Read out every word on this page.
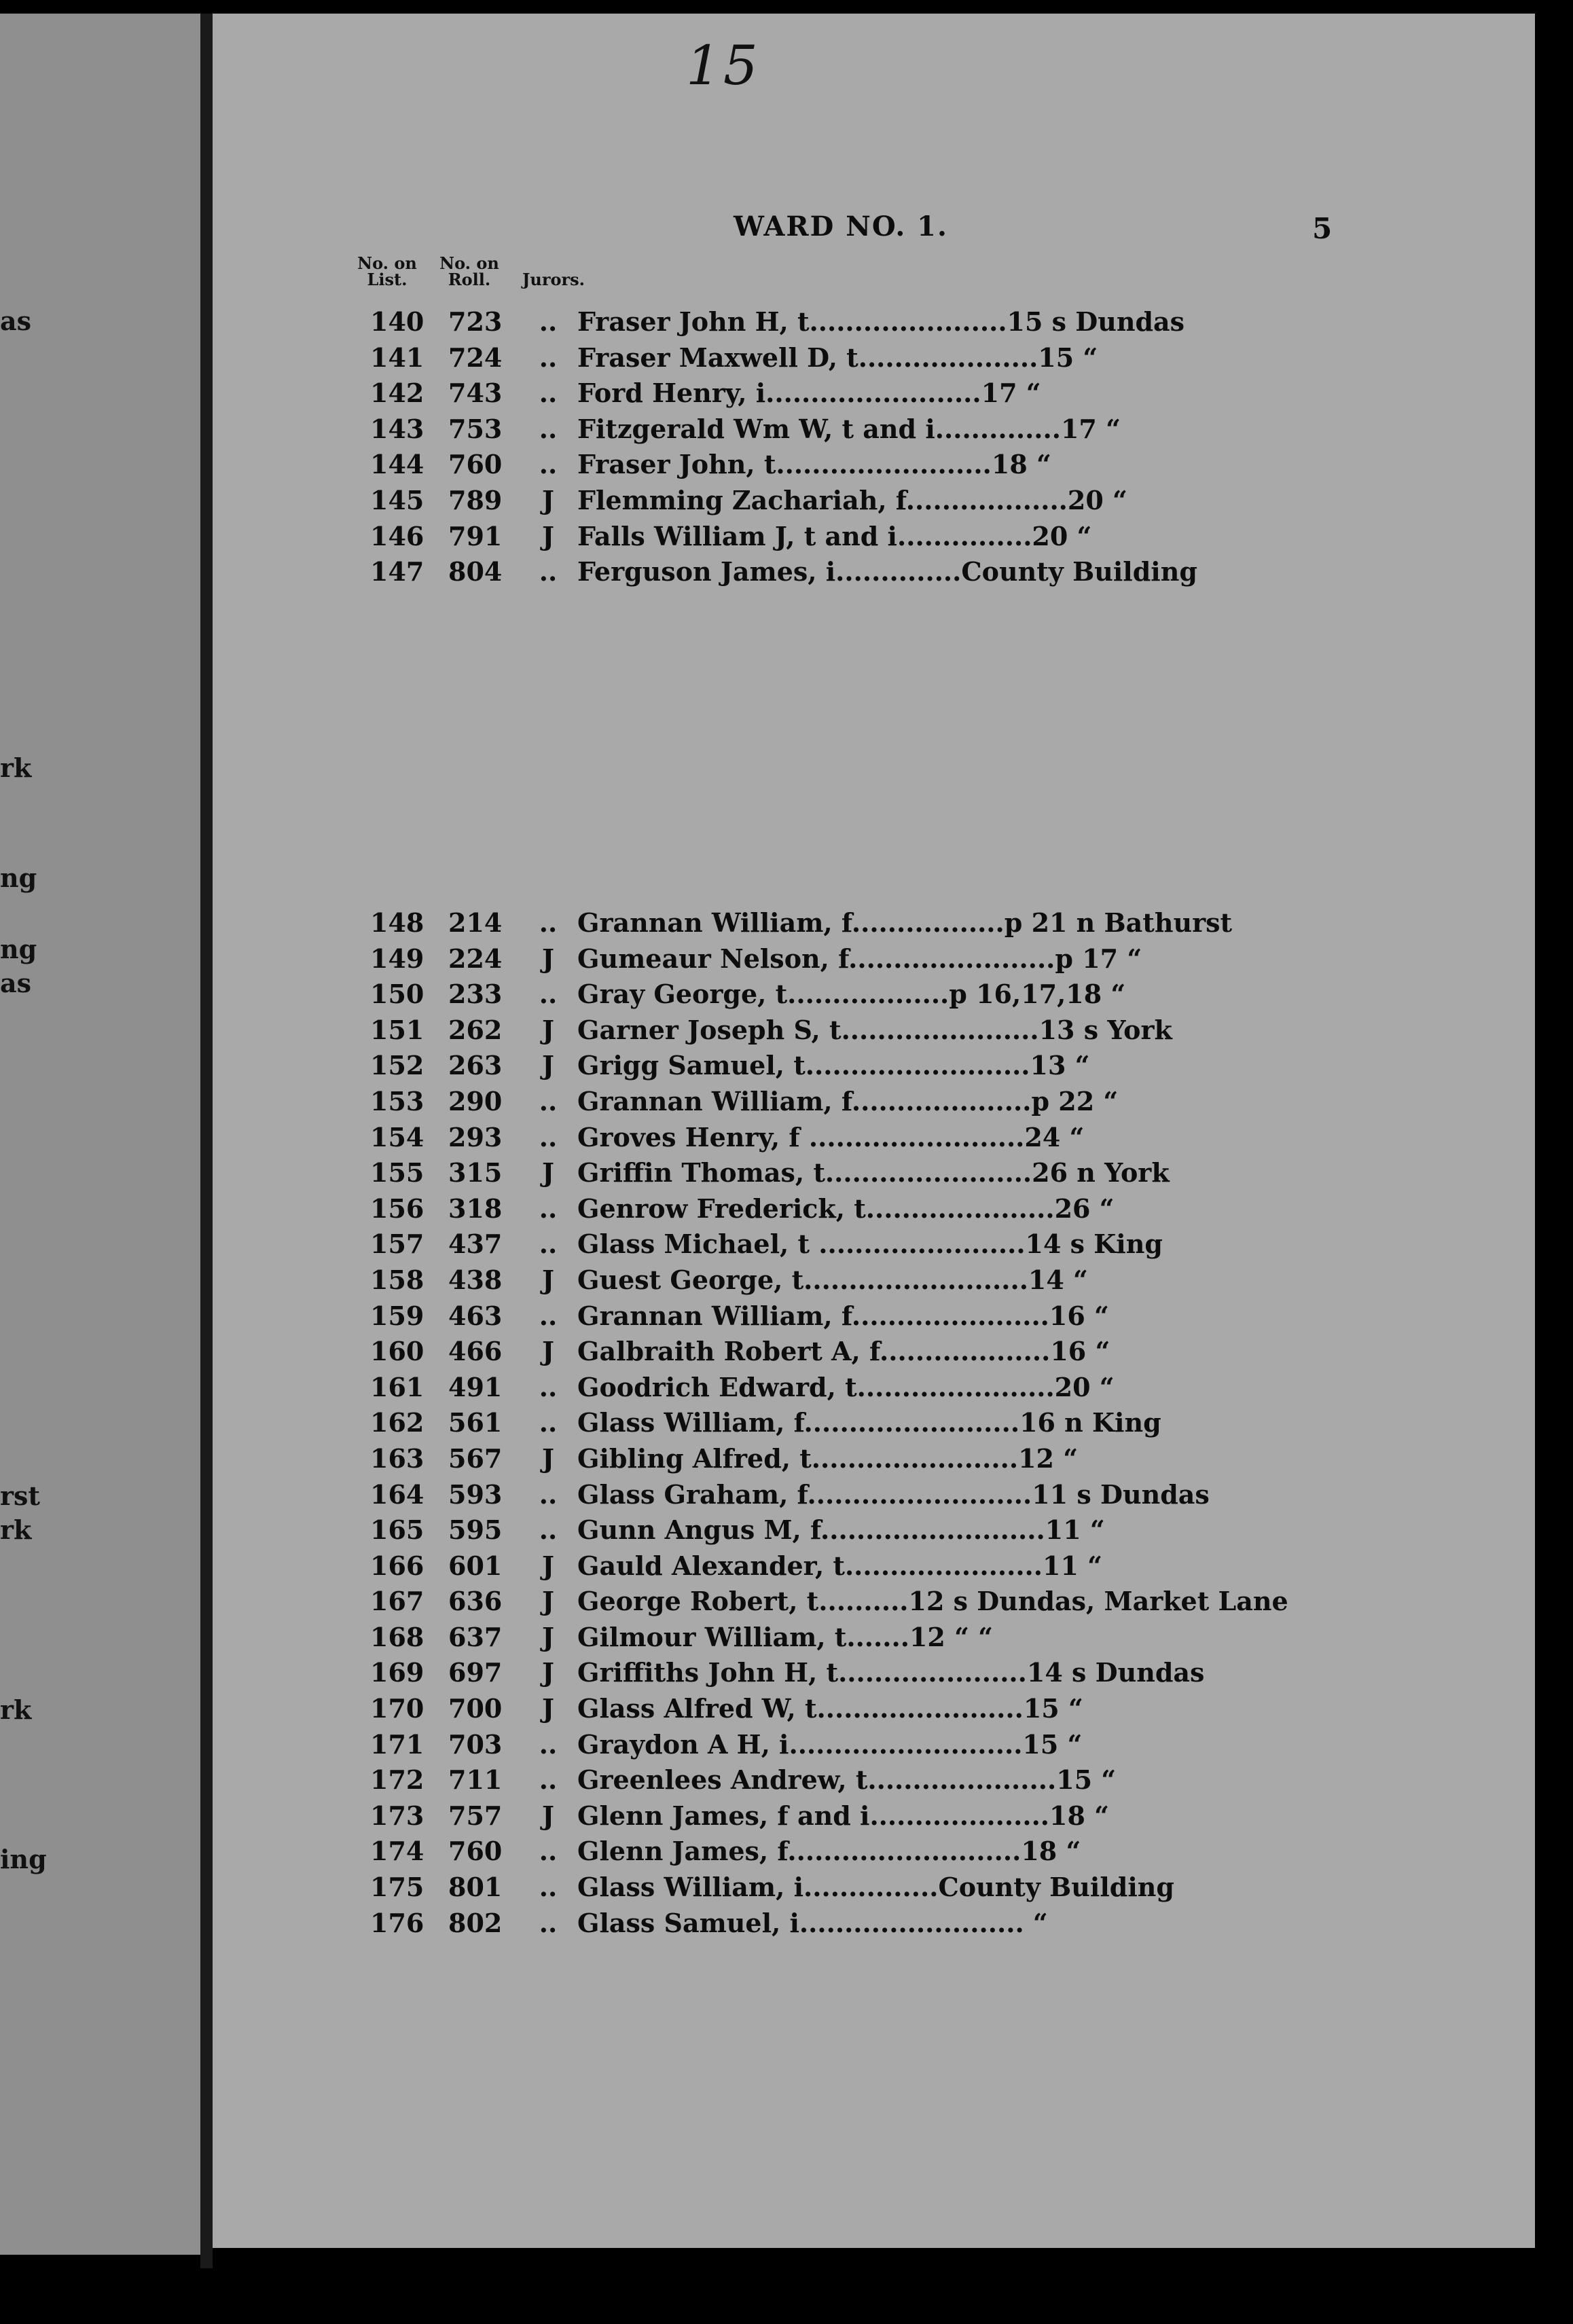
as
rk
ng
ng
as
rst
rk
rk
ing
15
WARD NO. 1.	5
No. on
List.
No. on
Roll.	Jurors.
140 723	.. Fraser John H, t......................15 s Dundas
141 724	.. Fraser Maxwell D, t....................15 “
142 743	.. Ford Henry, i........................17 “
143 753	.. Fitzgerald Wm W, t and i..............17 “
144 760	.. Fraser John, t........................18 “
145 789	J Flemming Zachariah, f..................20 “
146 791	J Falls William J, t and i...............20 “
147 804	.. Ferguson James, i..............County Building
148 214	.. Grannan William, f.................p 21 n Bathurst
149 224	J Gumeaur Nelson, f.......................p 17 “
150 233	.. Gray George, t..................p 16,17,18 “
151 262	J Garner Joseph S, t......................13 s York
152 263	J Grigg Samuel, t.........................13 “
153 290	.. Grannan William, f....................p 22 “
154 293	.. Groves Henry, f ........................24 “
155 315	J Griffin Thomas, t.......................26 n York
156 318	.. Genrow Frederick, t.....................26 “
157 437	.. Glass Michael, t .......................14 s King
158 438	J Guest George, t.........................14 “
159 463	.. Grannan William, f......................16 “
160 466	J Galbraith Robert A, f...................16 “
161 491	.. Goodrich Edward, t......................20 “
162 561	.. Glass William, f........................16 n King
163 567	J Gibling Alfred, t.......................12 “
164 593	.. Glass Graham, f.........................11 s Dundas
165 595	.. Gunn Angus M, f.........................11 “
166 601	J Gauld Alexander, t......................11 “
167 636	J George Robert, t..........12 s Dundas, Market Lane
168 637	J Gilmour William, t.......12 “ “
169 697	J Griffiths John H, t.....................14 s Dundas
170 700	J Glass Alfred W, t.......................15 “
171 703	.. Graydon A H, i..........................15 “
172 711	.. Greenlees Andrew, t.....................15 “
173 757	J Glenn James, f and i....................18 “
174 760	.. Glenn James, f..........................18 “
175 801	.. Glass William, i...............County Building
176 802	.. Glass Samuel, i......................... “
